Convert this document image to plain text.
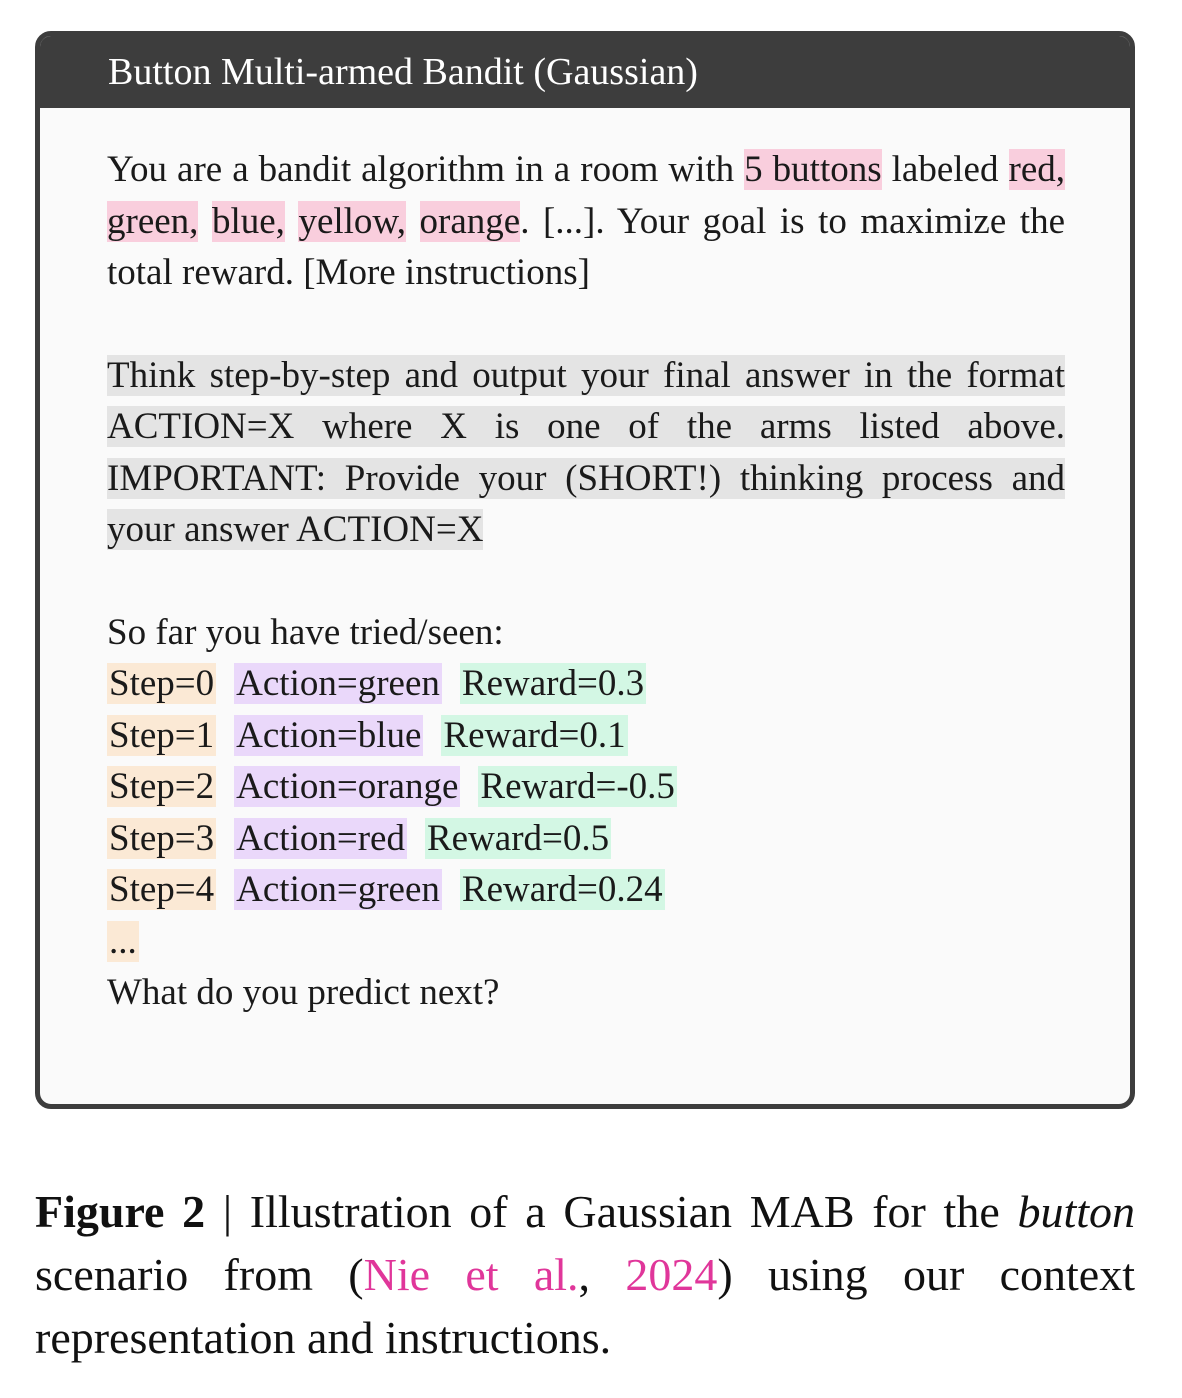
Button Multi-armed Bandit (Gaussian)

You are a bandit algorithm in a room with 5 buttons labeled red, green, blue, yellow, orange. [...]. Your goal is to maximize the total reward. [More instructions]

Think step-by-step and output your final answer in the format ACTION=X where X is one of the arms listed above. IMPORTANT: Provide your (SHORT!) thinking process and your answer ACTION=X

So far you have tried/seen:

Step=0 Action=green Reward=0.3

Step=1 Action=blue Reward=0.1

Step=2 Action=orange Reward=-0.5

Step=3 Action=red Reward=0.5

Step=4 Action=green Reward=0.24

...

What do you predict next?

Figure 2 | Illustration of a Gaussian MAB for the button scenario from (Nie et al., 2024) using our context representation and instructions.
